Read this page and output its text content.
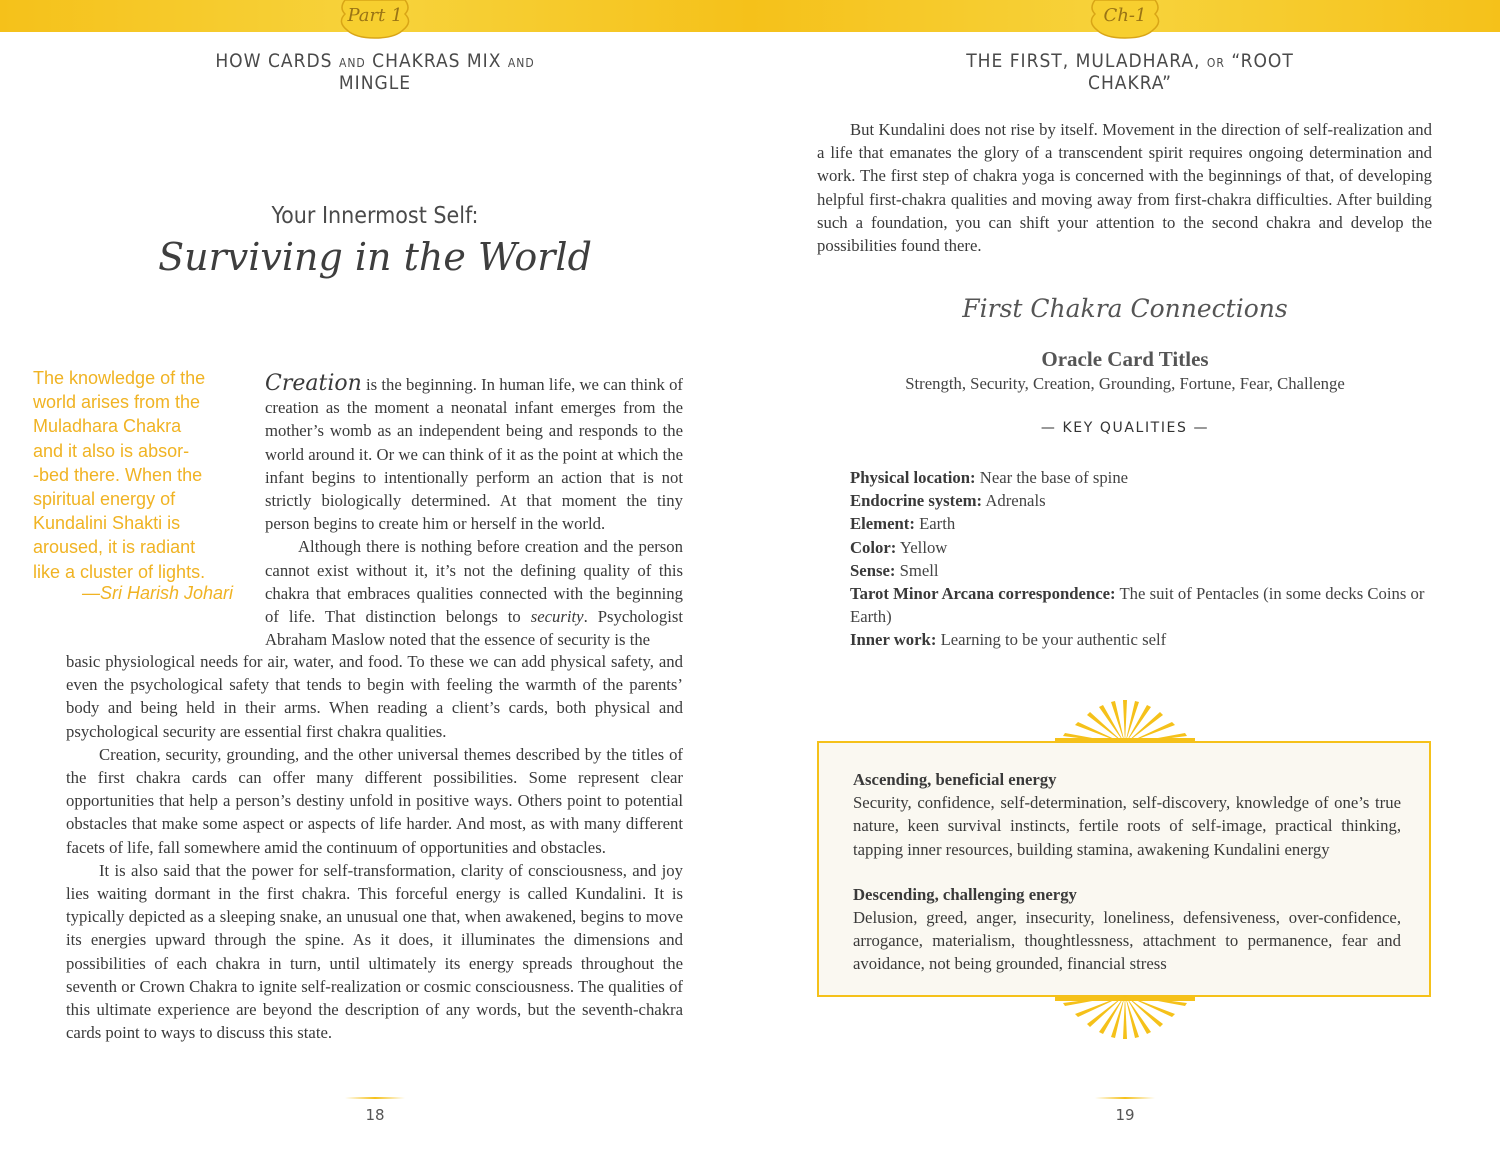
Part 1	Ch-1
HOW CARDS AND CHAKRAS MIX AND MINGLE
THE FIRST, MULADHARA, OR “ROOT CHAKRA”
Your Innermost Self:
Surviving in the World
The knowledge of the
world arises from the
Muladhara Chakra
and it also is absor-
-bed there. When the
spiritual energy of
Kundalini Shakti is
aroused, it is radiant
like a cluster of lights.
—Sri Harish Johari

Creation is the beginning. In human life, we can think of creation as the moment a neonatal infant emerges from the mother’s womb as an independent being and responds to the world around it. Or we can think of it as the point at which the infant begins to intentionally perform an action that is not strictly biologically determined. At that moment the tiny person begins to create him or herself in the world.

Although there is nothing before creation and the person cannot exist without it, it’s not the defining quality of this chakra that embraces qualities connected with the beginning of life. That distinction belongs to security. Psychologist Abraham Maslow noted that the essence of security is the

basic physiological needs for air, water, and food. To these we can add physical safety, and even the psychological safety that tends to begin with feeling the warmth of the parents’ body and being held in their arms. When reading a client’s cards, both physical and psychological security are essential first chakra qualities.

Creation, security, grounding, and the other universal themes described by the titles of the first chakra cards can offer many different possibilities. Some represent clear opportunities that help a person’s destiny unfold in positive ways. Others point to potential obstacles that make some aspect or aspects of life harder. And most, as with many different facets of life, fall somewhere amid the continuum of opportunities and obstacles.

It is also said that the power for self-transformation, clarity of consciousness, and joy lies waiting dormant in the first chakra. This forceful energy is called Kundalini. It is typically depicted as a sleeping snake, an unusual one that, when awakened, begins to move its energies upward through the spine. As it does, it illuminates the dimensions and possibilities of each chakra in turn, until ultimately its energy spreads throughout the seventh or Crown Chakra to ignite self-realization or cosmic consciousness. The qualities of this ultimate experience are beyond the description of any words, but the seventh-chakra cards point to ways to discuss this state.

18	19

But Kundalini does not rise by itself. Movement in the direction of self-realization and a life that emanates the glory of a transcendent spirit requires ongoing determination and work. The first step of chakra yoga is concerned with the beginnings of that, of developing helpful first-chakra qualities and moving away from first-chakra difficulties. After building such a foundation, you can shift your attention to the second chakra and develop the possibilities found there.

First Chakra Connections
Oracle Card Titles
Strength, Security, Creation, Grounding, Fortune, Fear, Challenge
— KEY QUALITIES —
Physical location: Near the base of spine
Endocrine system: Adrenals
Element: Earth
Color: Yellow
Sense: Smell
Tarot Minor Arcana correspondence: The suit of Pentacles (in some decks Coins or Earth)
Inner work: Learning to be your authentic self
Ascending, beneficial energy

Security, confidence, self-determination, self-discovery, knowledge of one’s true nature, keen survival instincts, fertile roots of self-image, practical thinking, tapping inner resources, building stamina, awakening Kundalini energy

Descending, challenging energy

Delusion, greed, anger, insecurity, loneliness, defensiveness, over-confidence, arrogance, materialism, thoughtlessness, attachment to permanence, fear and avoidance, not being grounded, financial stress
